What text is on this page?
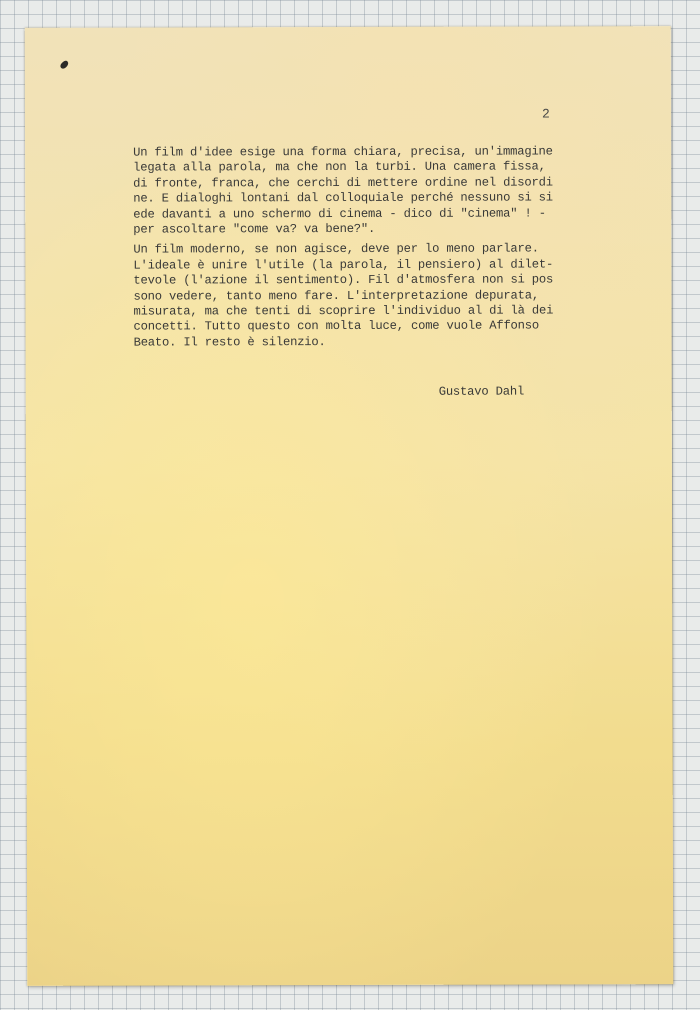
2
Un film d'idee esige una forma chiara, precisa, un'immagine
legata alla parola, ma che non la turbi. Una camera fissa,
di fronte, franca, che cerchi di mettere ordine nel disordi
ne. E dialoghi lontani dal colloquiale perché nessuno si si
ede davanti a uno schermo di cinema - dico di "cinema" ! -
per ascoltare "come va? va bene?".
Un film moderno, se non agisce, deve per lo meno parlare.
L'ideale è unire l'utile (la parola, il pensiero) al dilet-
tevole (l'azione il sentimento). Fil d'atmosfera non si pos
sono vedere, tanto meno fare. L'interpretazione depurata,
misurata, ma che tenti di scoprire l'individuo al di là dei
concetti. Tutto questo con molta luce, come vuole Affonso
Beato. Il resto è silenzio.
Gustavo Dahl
